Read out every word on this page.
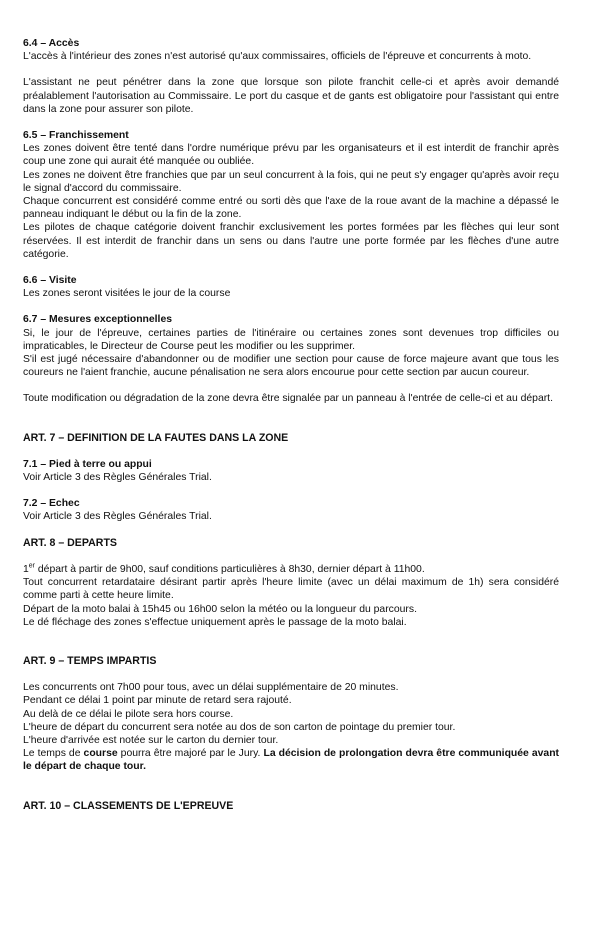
6.4 – Accès

L'accès à l'intérieur des zones n'est autorisé qu'aux commissaires, officiels de l'épreuve et concurrents à moto.

L'assistant ne peut pénétrer dans la zone que lorsque son pilote franchit celle-ci et après avoir demandé préalablement l'autorisation au Commissaire. Le port du casque et de gants est obligatoire pour l'assistant qui entre dans la zone pour assurer son pilote.

6.5 – Franchissement

Les zones doivent être tenté dans l'ordre numérique prévu par les organisateurs et il est interdit de franchir après coup une zone qui aurait été manquée ou oubliée.

Les zones ne doivent être franchies que par un seul concurrent à la fois, qui ne peut s'y engager qu'après avoir reçu le signal d'accord du commissaire.

Chaque concurrent est considéré comme entré ou sorti dès que l'axe de la roue avant de la machine a dépassé le panneau indiquant le début ou la fin de la zone.

Les pilotes de chaque catégorie doivent franchir exclusivement les portes formées par les flèches qui leur sont réservées. Il est interdit de franchir dans un sens ou dans l'autre une porte formée par les flèches d'une autre catégorie.

6.6 – Visite

Les zones seront visitées le jour de la course

6.7 – Mesures exceptionnelles

Si, le jour de l'épreuve, certaines parties de l'itinéraire ou certaines zones sont devenues trop difficiles ou impraticables, le Directeur de Course peut les modifier ou les supprimer.

S'il est jugé nécessaire d'abandonner ou de modifier une section pour cause de force majeure avant que tous les coureurs ne l'aient franchie, aucune pénalisation ne sera alors encourue pour cette section par aucun coureur.

Toute modification ou dégradation de la zone devra être signalée par un panneau à l'entrée de celle-ci et au départ.

ART. 7 – DEFINITION DE LA FAUTES DANS LA ZONE

7.1 – Pied à terre ou appui

Voir Article 3 des Règles Générales Trial.

7.2 – Echec

Voir Article 3 des Règles Générales Trial.

ART. 8 – DEPARTS

1er départ à partir de 9h00, sauf conditions particulières à 8h30, dernier départ à 11h00.

Tout concurrent retardataire désirant partir après l'heure limite (avec un délai maximum de 1h) sera considéré comme parti à cette heure limite.

Départ de la moto balai à 15h45 ou 16h00 selon la météo ou la longueur du parcours.

Le dé fléchage des zones s'effectue uniquement après le passage de la moto balai.

ART. 9 – TEMPS IMPARTIS

Les concurrents ont 7h00 pour tous, avec un délai supplémentaire de 20 minutes.

Pendant ce délai 1 point par minute de retard sera rajouté.

Au delà de ce délai le pilote sera hors course.

L'heure de départ du concurrent sera notée au dos de son carton de pointage du premier tour.

L'heure d'arrivée est notée sur le carton du dernier tour.

Le temps de course pourra être majoré par le Jury. La décision de prolongation devra être communiquée avant le départ de chaque tour.

ART. 10 – CLASSEMENTS DE L'EPREUVE
